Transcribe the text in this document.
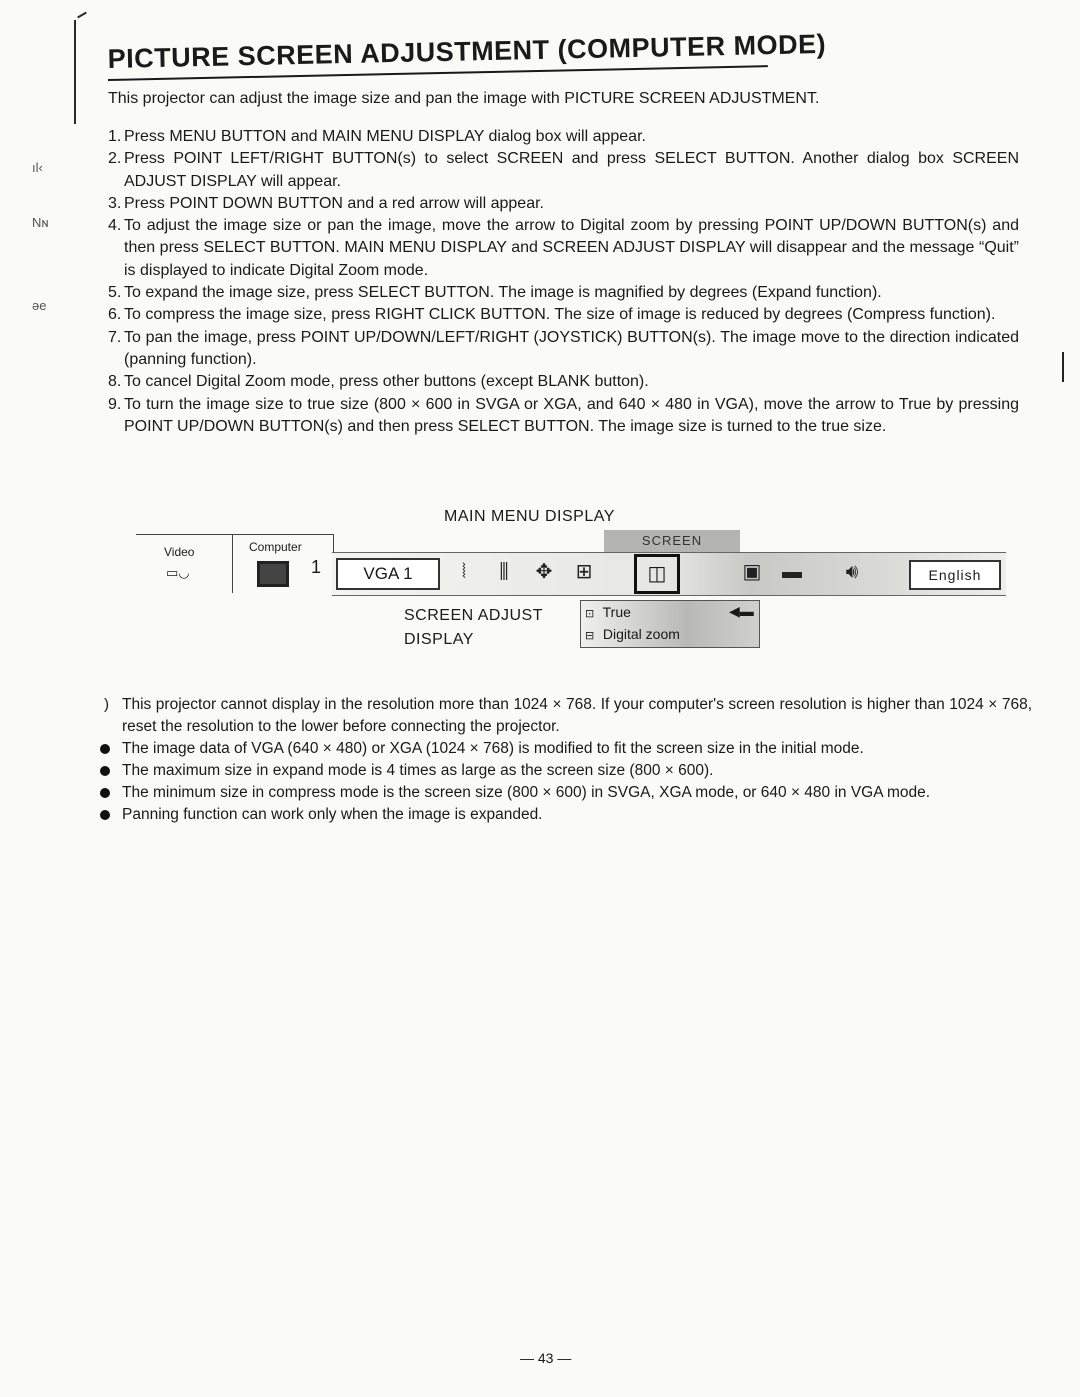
ıl‹
Nɴ
ǝe
PICTURE SCREEN ADJUSTMENT (COMPUTER MODE)
This projector can adjust the image size and pan the image with PICTURE SCREEN ADJUSTMENT.
1. Press MENU BUTTON and MAIN MENU DISPLAY dialog box will appear.
2. Press POINT LEFT/RIGHT BUTTON(s) to select SCREEN and press SELECT BUTTON. Another dialog box SCREEN ADJUST DISPLAY will appear.
3. Press POINT DOWN BUTTON and a red arrow will appear.
4. To adjust the image size or pan the image, move the arrow to Digital zoom by pressing POINT UP/DOWN BUTTON(s) and then press SELECT BUTTON. MAIN MENU DISPLAY and SCREEN ADJUST DISPLAY will disappear and the message “Quit” is displayed to indicate Digital Zoom mode.
5. To expand the image size, press SELECT BUTTON. The image is magnified by degrees (Expand function).
6. To compress the image size, press RIGHT CLICK BUTTON. The size of image is reduced by degrees (Compress function).
7. To pan the image, press POINT UP/DOWN/LEFT/RIGHT (JOYSTICK) BUTTON(s). The image move to the direction indicated (panning function).
8. To cancel Digital Zoom mode, press other buttons (except BLANK button).
9. To turn the image size to true size (800 × 600 in SVGA or XGA, and 640 × 480 in VGA), move the arrow to True by pressing POINT UP/DOWN BUTTON(s) and then press SELECT BUTTON. The image size is turned to the true size.
MAIN MENU DISPLAY
Video
▭◡
Computer
1	VGA 1	⦚	⫼	✥	⊞
SCREEN
◫	▣	▬	🔊︎	English
SCREEN ADJUST
DISPLAY
⊡ True	◀▬
⊟ Digital zoom
)
This projector cannot display in the resolution more than 1024 × 768. If your computer's screen resolution is higher than 1024 × 768, reset the resolution to the lower before connecting the projector.
The image data of VGA (640 × 480) or XGA (1024 × 768) is modified to fit the screen size in the initial mode.
The maximum size in expand mode is 4 times as large as the screen size (800 × 600).
The minimum size in compress mode is the screen size (800 × 600) in SVGA, XGA mode, or 640 × 480 in VGA mode.
Panning function can work only when the image is expanded.
— 43 —
